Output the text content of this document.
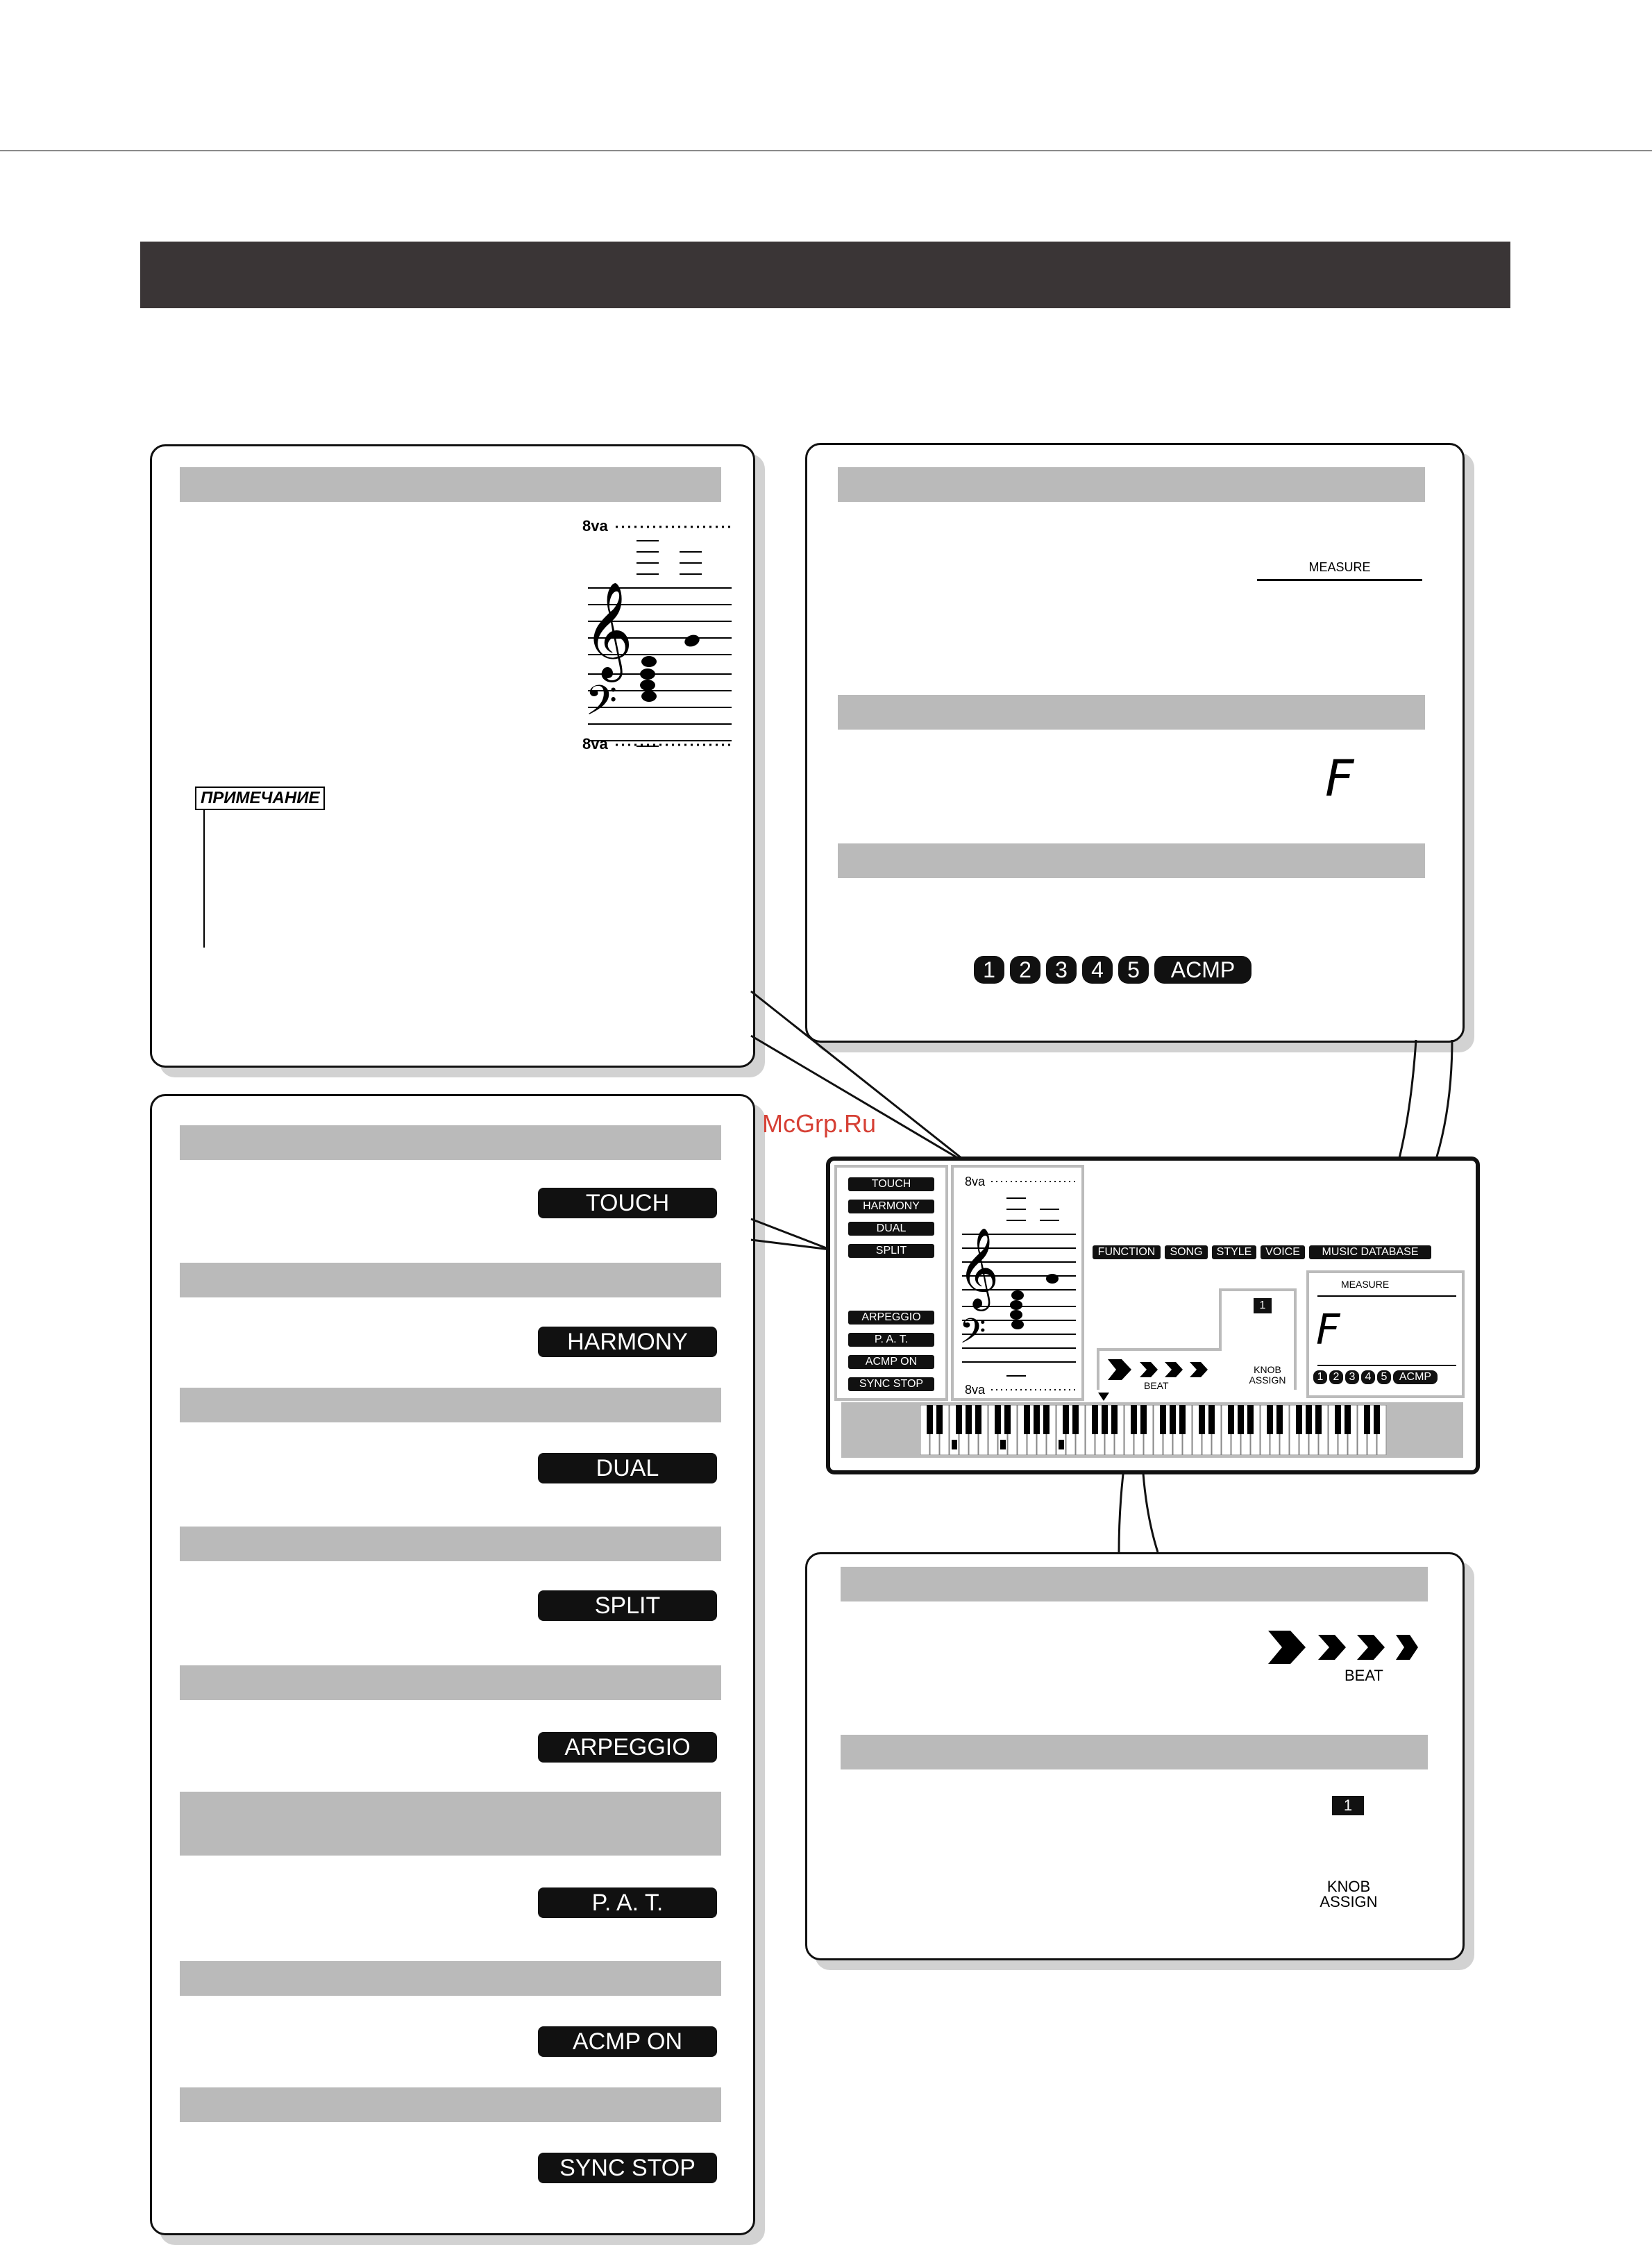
8va
𝄞
𝄢
8va
ПРИМЕЧАНИЕ
MEASURE
F
1	2	3	4	5	ACMP
TOUCH
HARMONY
DUAL
SPLIT
ARPEGGIO
P. A. T.
ACMP ON
SYNC STOP
TOUCH
HARMONY
DUAL
SPLIT
ARPEGGIO
P. A. T.
ACMP ON
SYNC STOP
8va
𝄞
𝄢
8va
FUNCTION	SONG	STYLE	VOICE	MUSIC DATABASE
1
BEAT
KNOB ASSIGN
MEASURE
F
1 2 3 4 5	ACMP
BEAT
1
KNOB
ASSIGN
McGrp.Ru
